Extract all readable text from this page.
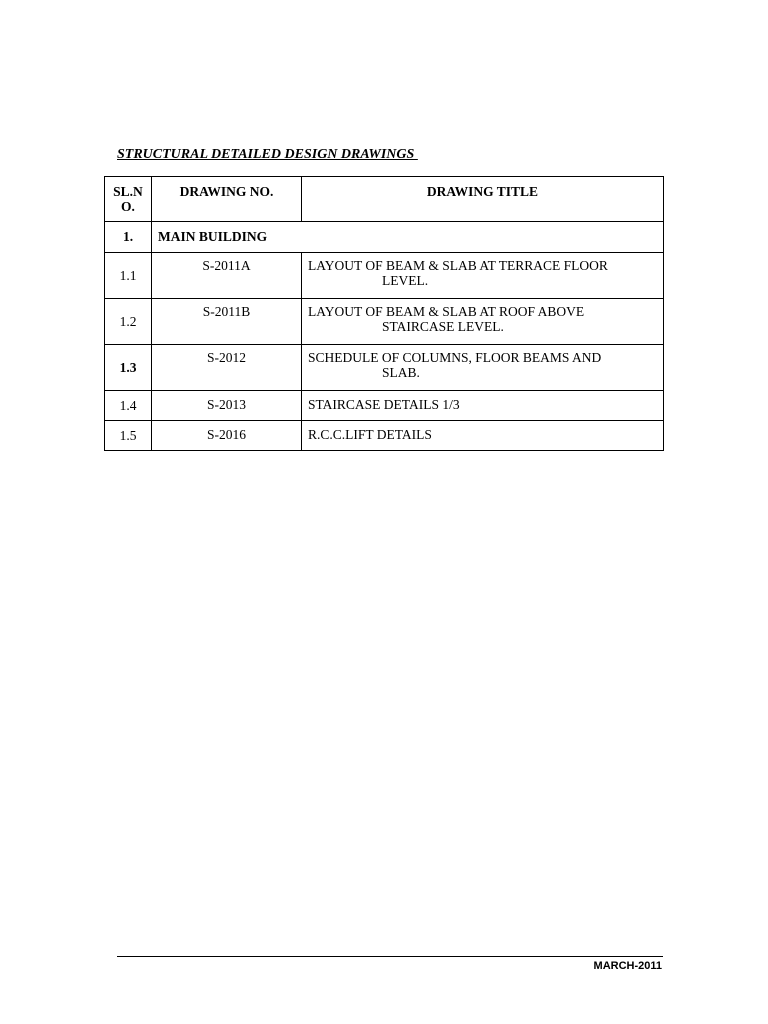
STRUCTURAL DETAILED DESIGN DRAWINGS
SL.N O.	DRAWING NO.	DRAWING TITLE
1.	MAIN BUILDING	
1.1	S-2011A	LAYOUT OF BEAM & SLAB AT TERRACE FLOOR
LEVEL.

1.2	S-2011B	LAYOUT OF BEAM & SLAB AT ROOF ABOVE
STAIRCASE LEVEL.

1.3	S-2012	SCHEDULE OF COLUMNS, FLOOR BEAMS AND
SLAB.

1.4	S-2013	STAIRCASE DETAILS 1/3

1.5	S-2016	R.C.C.LIFT DETAILS
MARCH-2011
